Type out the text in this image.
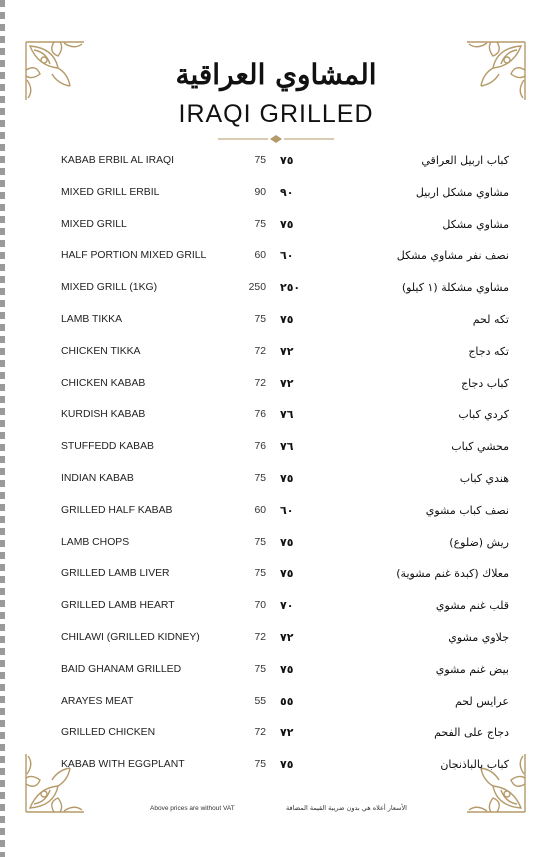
المشاوي العراقية
IRAQI GRILLED
KABAB ERBIL AL IRAQI	75 ٧٥	كباب اربيل العراقي
MIXED GRILL ERBIL	90 ٩٠	مشاوي مشكل اربيل
MIXED GRILL	75 ٧٥	مشاوي مشكل
HALF PORTION MIXED GRILL	60 ٦٠	نصف نفر مشاوي مشكل
MIXED GRILL (1KG)	250 ٢٥٠	مشاوي مشكلة (١ كيلو)
LAMB TIKKA	75 ٧٥	تكه لحم
CHICKEN TIKKA	72 ٧٢	تكه دجاج
CHICKEN KABAB	72 ٧٢	كباب دجاج
KURDISH KABAB	76 ٧٦	كردي كباب
STUFFEDD KABAB	76 ٧٦	محشي كباب
INDIAN KABAB	75 ٧٥	هندي كباب
GRILLED HALF KABAB	60 ٦٠	نصف كباب مشوي
LAMB CHOPS	75 ٧٥	ريش (ضلوع)
GRILLED LAMB LIVER	75 ٧٥	معلاك (كبدة غنم مشوية)
GRILLED LAMB HEART	70 ٧٠	قلب غنم مشوي
CHILAWI (GRILLED KIDNEY)	72 ٧٢	جلاوي مشوي
BAID GHANAM GRILLED	75 ٧٥	بيض غنم مشوي
ARAYES MEAT	55 ٥٥	عرايس لحم
GRILLED CHICKEN	72 ٧٢	دجاج على الفحم
KABAB WITH EGGPLANT	75 ٧٥	كباب بالباذنجان
Above prices are without VAT	الأسعار أعلاه هي بدون ضريبة القيمة المضافة
